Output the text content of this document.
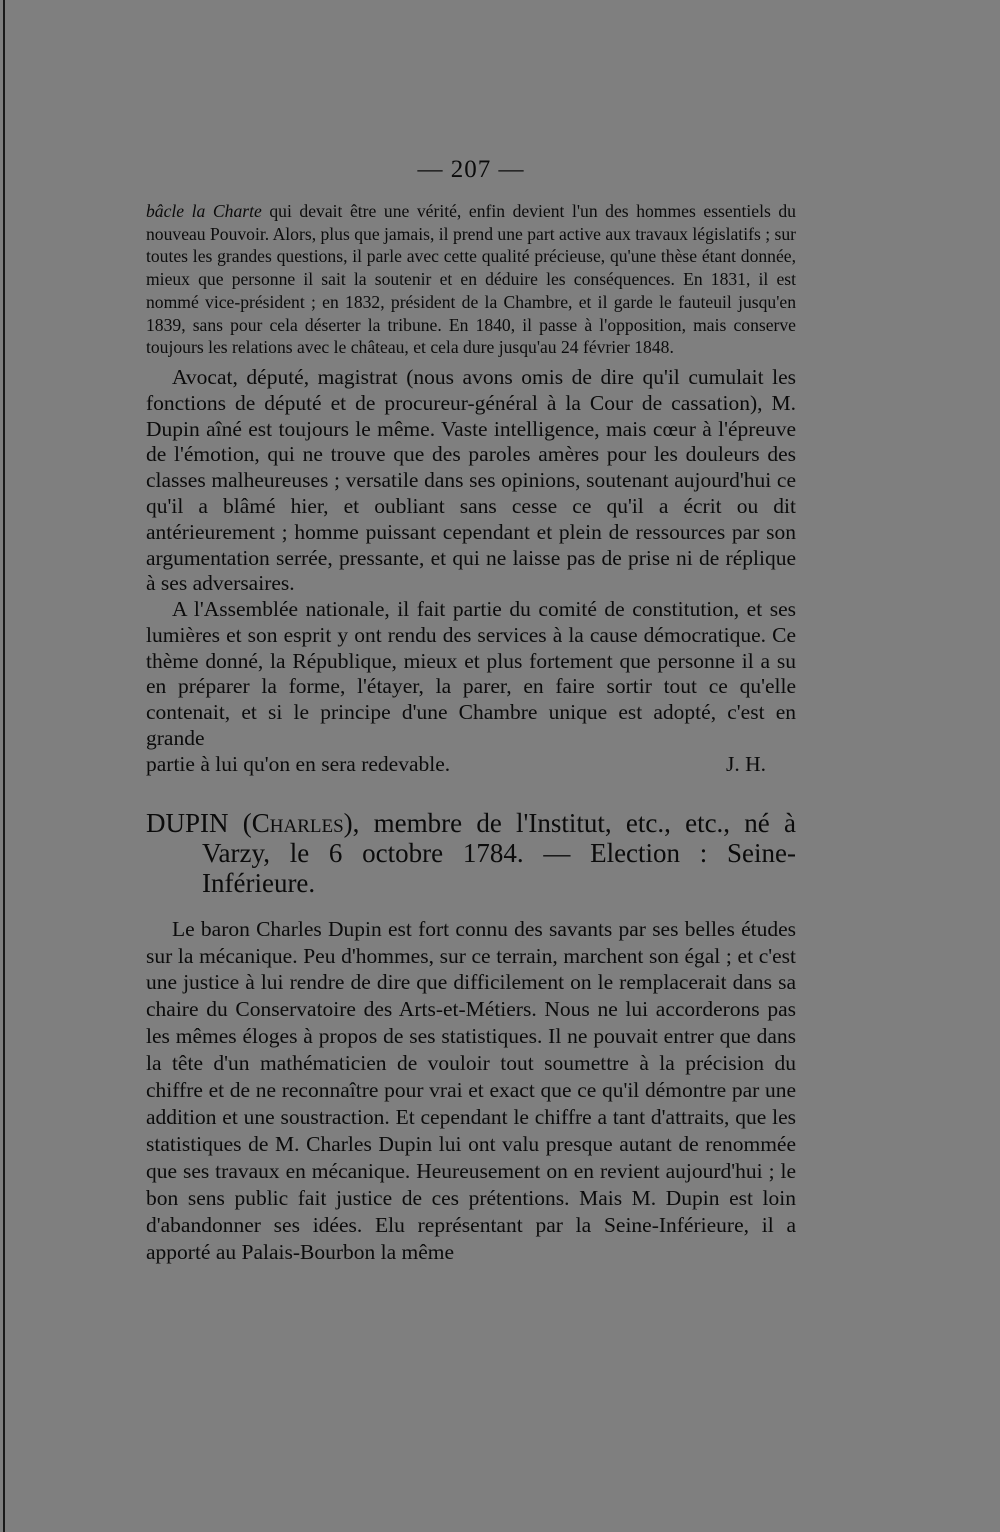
— 207 —

bâcle la Charte qui devait être une vérité, enfin devient l'un des hommes essentiels du nouveau Pouvoir. Alors, plus que jamais, il prend une part active aux travaux législatifs ; sur toutes les grandes questions, il parle avec cette qualité précieuse, qu'une thèse étant donnée, mieux que personne il sait la soutenir et en déduire les conséquences. En 1831, il est nommé vice-président ; en 1832, président de la Chambre, et il garde le fauteuil jusqu'en 1839, sans pour cela déserter la tribune. En 1840, il passe à l'opposition, mais conserve toujours les relations avec le château, et cela dure jusqu'au 24 février 1848.

Avocat, député, magistrat (nous avons omis de dire qu'il cumulait les fonctions de député et de procureur-général à la Cour de cassation), M. Dupin aîné est toujours le même. Vaste intelligence, mais cœur à l'épreuve de l'émotion, qui ne trouve que des paroles amères pour les douleurs des classes malheureuses ; versatile dans ses opinions, soutenant aujourd'hui ce qu'il a blâmé hier, et oubliant sans cesse ce qu'il a écrit ou dit antérieurement ; homme puissant cependant et plein de ressources par son argumentation serrée, pressante, et qui ne laisse pas de prise ni de réplique à ses adversaires.

A l'Assemblée nationale, il fait partie du comité de constitution, et ses lumières et son esprit y ont rendu des services à la cause démocratique. Ce thème donné, la République, mieux et plus fortement que personne il a su en préparer la forme, l'étayer, la parer, en faire sortir tout ce qu'elle contenait, et si le principe d'une Chambre unique est adopté, c'est en grande

partie à lui qu'on en sera redevable.	J. H.
DUPIN (Charles), membre de l'Institut, etc., etc., né à Varzy, le 6 octobre 1784. — Election : Seine-Inférieure.

Le baron Charles Dupin est fort connu des savants par ses belles études sur la mécanique. Peu d'hommes, sur ce terrain, marchent son égal ; et c'est une justice à lui rendre de dire que difficilement on le remplacerait dans sa chaire du Conservatoire des Arts-et-Métiers. Nous ne lui accorderons pas les mêmes éloges à propos de ses statistiques. Il ne pouvait entrer que dans la tête d'un mathématicien de vouloir tout soumettre à la précision du chiffre et de ne reconnaître pour vrai et exact que ce qu'il démontre par une addition et une soustraction. Et cependant le chiffre a tant d'attraits, que les statistiques de M. Charles Dupin lui ont valu presque autant de renommée que ses travaux en mécanique. Heureusement on en revient aujourd'hui ; le bon sens public fait justice de ces prétentions. Mais M. Dupin est loin d'abandonner ses idées. Elu représentant par la Seine-Inférieure, il a apporté au Palais-Bourbon la même
